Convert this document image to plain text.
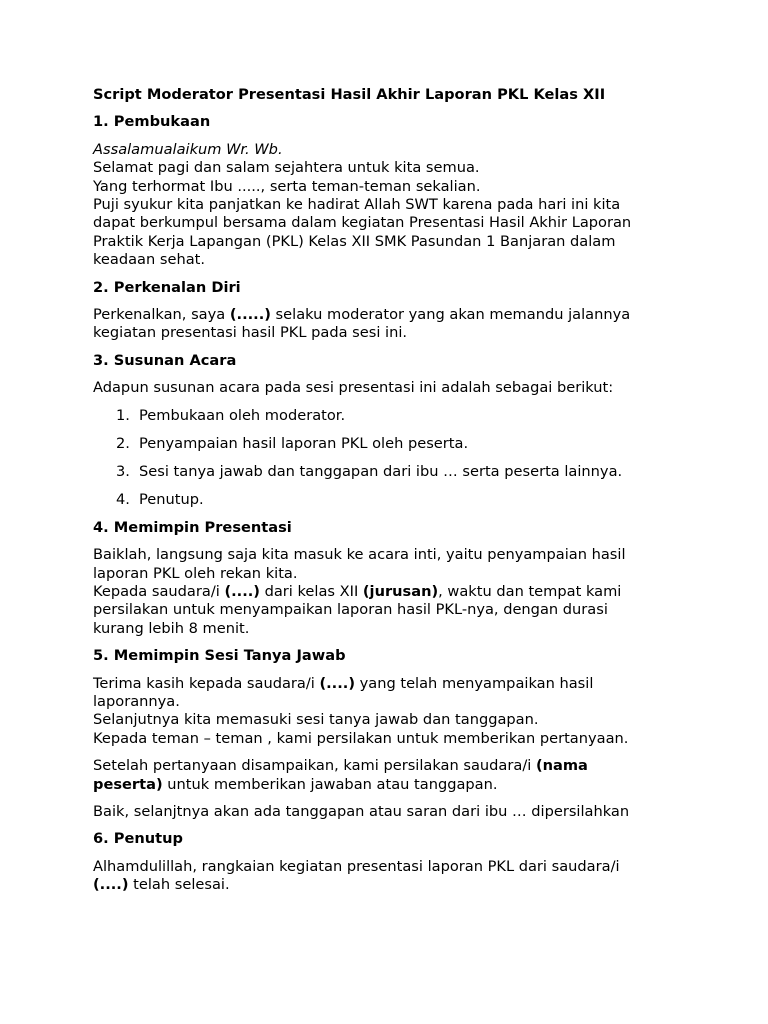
Script Moderator Presentasi Hasil Akhir Laporan PKL Kelas XII
1. Pembukaan

Assalamualaikum Wr. Wb.
Selamat pagi dan salam sejahtera untuk kita semua.
Yang terhormat Ibu ....., serta teman-teman sekalian.
Puji syukur kita panjatkan ke hadirat Allah SWT karena pada hari ini kita
dapat berkumpul bersama dalam kegiatan Presentasi Hasil Akhir Laporan
Praktik Kerja Lapangan (PKL) Kelas XII SMK Pasundan 1 Banjaran dalam
keadaan sehat.

2. Perkenalan Diri

Perkenalkan, saya (.....) selaku moderator yang akan memandu jalannya
kegiatan presentasi hasil PKL pada sesi ini.

3. Susunan Acara

Adapun susunan acara pada sesi presentasi ini adalah sebagai berikut:

1. Pembukaan oleh moderator.
2. Penyampaian hasil laporan PKL oleh peserta.
3. Sesi tanya jawab dan tanggapan dari ibu … serta peserta lainnya.
4. Penutup.
4. Memimpin Presentasi

Baiklah, langsung saja kita masuk ke acara inti, yaitu penyampaian hasil
laporan PKL oleh rekan kita.
Kepada saudara/i (....) dari kelas XII (jurusan), waktu dan tempat kami
persilakan untuk menyampaikan laporan hasil PKL-nya, dengan durasi
kurang lebih 8 menit.

5. Memimpin Sesi Tanya Jawab

Terima kasih kepada saudara/i (....) yang telah menyampaikan hasil
laporannya.
Selanjutnya kita memasuki sesi tanya jawab dan tanggapan.
Kepada teman – teman , kami persilakan untuk memberikan pertanyaan.

Setelah pertanyaan disampaikan, kami persilakan saudara/i (nama
peserta) untuk memberikan jawaban atau tanggapan.

Baik, selanjtnya akan ada tanggapan atau saran dari ibu … dipersilahkan

6. Penutup

Alhamdulillah, rangkaian kegiatan presentasi laporan PKL dari saudara/i
(....) telah selesai.
